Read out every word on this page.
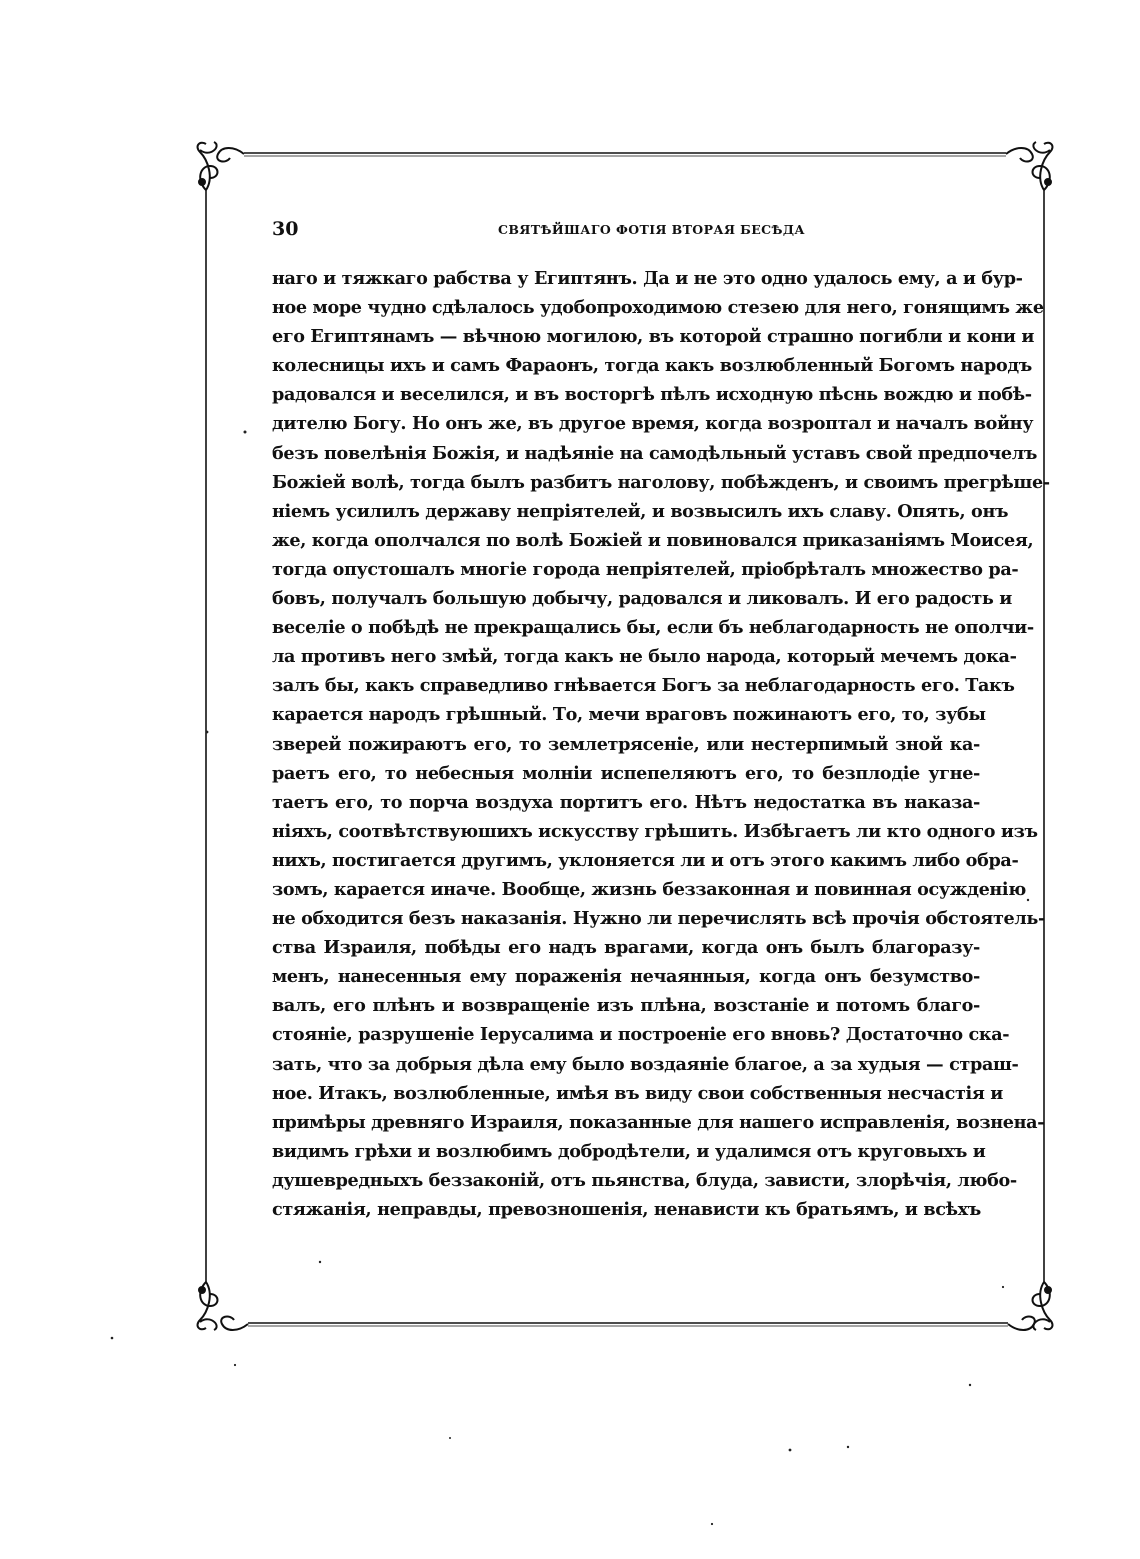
30	СВЯТѢЙШАГО ФОТІЯ ВТОРАЯ БЕСѢДА
наго и тяжкаго рабства у Египтянъ. Да и не это одно удалось ему, а и бур-
ное море чудно сдѣлалось удобопроходимою стезею для него, гонящимъ же
его Египтянамъ — вѣчною могилою, въ которой страшно погибли и кони и
колесницы ихъ и самъ Фараонъ, тогда какъ возлюбленный Богомъ народъ
радовался и веселился, и въ восторгѣ пѣлъ исходную пѣснь вождю и побѣ-
дителю Богу. Но онъ же, въ другое время, когда возроптал и началъ войну
безъ повелѣнія Божія, и надѣяніе на самодѣльный уставъ свой предпочелъ
Божіей волѣ, тогда былъ разбитъ наголову, побѣжденъ, и своимъ прегрѣше-
ніемъ усилилъ державу непріятелей, и возвысилъ ихъ славу. Опять, онъ
же, когда ополчался по волѣ Божіей и повиновался приказаніямъ Моисея,
тогда опустошалъ многіе города непріятелей, пріобрѣталъ множество ра-
бовъ, получалъ большую добычу, радовался и ликовалъ. И его радость и
веселіе о побѣдѣ не прекращались бы, если бъ неблагодарность не ополчи-
ла противъ него змѣй, тогда какъ не было народа, который мечемъ дока-
залъ бы, какъ справедливо гнѣвается Богъ за неблагодарность его. Такъ
карается народъ грѣшный. То, мечи враговъ пожинаютъ его, то, зубы
зверей пожираютъ его, то землетрясеніе, или нестерпимый зной ка-
раетъ его, то небесныя молніи испепеляютъ его, то безплодіе угне-
таетъ его, то порча воздуха портитъ его. Нѣтъ недостатка въ наказа-
ніяхъ, соотвѣтствуюшихъ искусству грѣшить. Избѣгаетъ ли кто одного изъ
нихъ, постигается другимъ, уклоняется ли и отъ этого какимъ либо обра-
зомъ, карается иначе. Вообще, жизнь беззаконная и повинная осужденію
не обходится безъ наказанія. Нужно ли перечислять всѣ прочія обстоятель-
ства Израиля, побѣды его надъ врагами, когда онъ былъ благоразу-
менъ, нанесенныя ему пораженія нечаянныя, когда онъ безумство-
валъ, его плѣнъ и возвращеніе изъ плѣна, возстаніе и потомъ благо-
стояніе, разрушеніе Іерусалима и построеніе его вновь? Достаточно ска-
зать, что за добрыя дѣла ему было воздаяніе благое, а за худыя — страш-
ное. Итакъ, возлюбленные, имѣя въ виду свои собственныя несчастія и
примѣры древняго Израиля, показанные для нашего исправленія, вознена-
видимъ грѣхи и возлюбимъ добродѣтели, и удалимся отъ круговыхъ и
душевредныхъ беззаконій, отъ пьянства, блуда, зависти, злорѣчія, любо-
стяжанія, неправды, превозношенія, ненависти къ братьямъ, и всѣхъ
